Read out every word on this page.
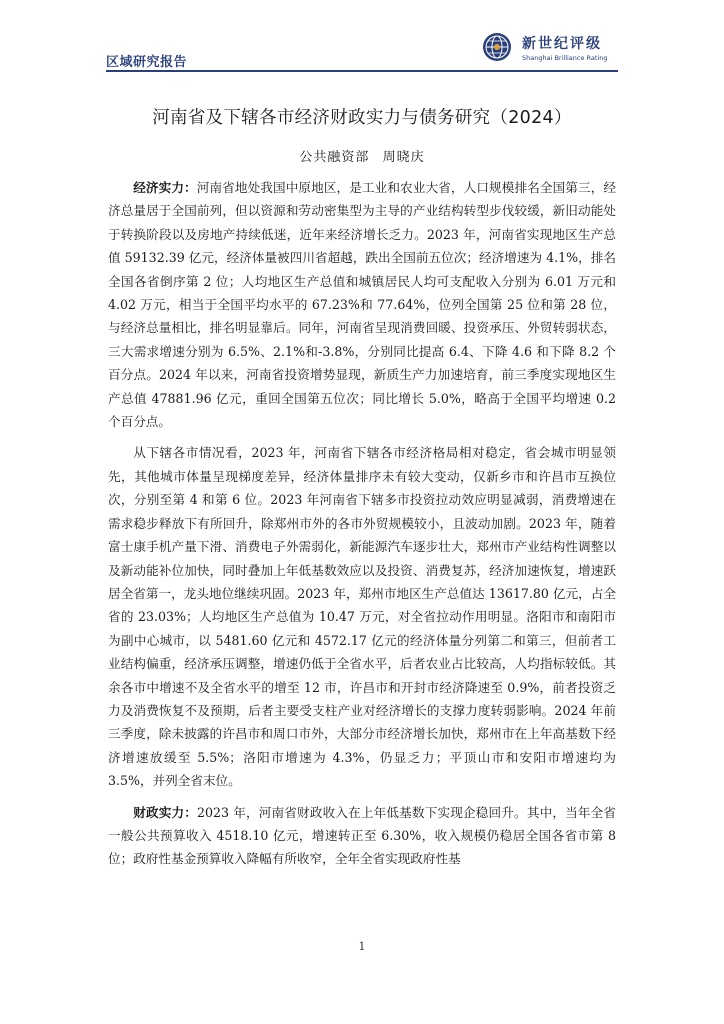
区域研究报告
新世纪评级
Shanghai Brilliance Rating
河南省及下辖各市经济财政实力与债务研究（2024）
公共融资部 周晓庆

经济实力：河南省地处我国中原地区，是工业和农业大省，人口规模排名全国第三，经济总量居于全国前列，但以资源和劳动密集型为主导的产业结构转型步伐较缓，新旧动能处于转换阶段以及房地产持续低迷，近年来经济增长乏力。2023 年，河南省实现地区生产总值 59132.39 亿元，经济体量被四川省超越，跌出全国前五位次；经济增速为 4.1%，排名全国各省倒序第 2 位；人均地区生产总值和城镇居民人均可支配收入分别为 6.01 万元和 4.02 万元，相当于全国平均水平的 67.23%和 77.64%，位列全国第 25 位和第 28 位，与经济总量相比，排名明显靠后。同年，河南省呈现消费回暖、投资承压、外贸转弱状态，三大需求增速分别为 6.5%、2.1%和-3.8%，分别同比提高 6.4、下降 4.6 和下降 8.2 个百分点。2024 年以来，河南省投资增势显现，新质生产力加速培育，前三季度实现地区生产总值 47881.96 亿元，重回全国第五位次；同比增长 5.0%，略高于全国平均增速 0.2 个百分点。

从下辖各市情况看，2023 年，河南省下辖各市经济格局相对稳定，省会城市明显领先，其他城市体量呈现梯度差异，经济体量排序未有较大变动，仅新乡市和许昌市互换位次，分别至第 4 和第 6 位。2023 年河南省下辖多市投资拉动效应明显减弱，消费增速在需求稳步释放下有所回升，除郑州市外的各市外贸规模较小，且波动加剧。2023 年，随着富士康手机产量下滑、消费电子外需弱化，新能源汽车逐步壮大，郑州市产业结构性调整以及新动能补位加快，同时叠加上年低基数效应以及投资、消费复苏，经济加速恢复，增速跃居全省第一，龙头地位继续巩固。2023 年，郑州市地区生产总值达 13617.80 亿元，占全省的 23.03%；人均地区生产总值为 10.47 万元，对全省拉动作用明显。洛阳市和南阳市为副中心城市，以 5481.60 亿元和 4572.17 亿元的经济体量分列第二和第三，但前者工业结构偏重，经济承压调整，增速仍低于全省水平，后者农业占比较高，人均指标较低。其余各市中增速不及全省水平的增至 12 市，许昌市和开封市经济降速至 0.9%，前者投资乏力及消费恢复不及预期，后者主要受支柱产业对经济增长的支撑力度转弱影响。2024 年前三季度，除未披露的许昌市和周口市外，大部分市经济增长加快，郑州市在上年高基数下经济增速放缓至 5.5%；洛阳市增速为 4.3%，仍显乏力；平顶山市和安阳市增速均为 3.5%，并列全省末位。

财政实力：2023 年，河南省财政收入在上年低基数下实现企稳回升。其中，当年全省一般公共预算收入 4518.10 亿元，增速转正至 6.30%，收入规模仍稳居全国各省市第 8 位；政府性基金预算收入降幅有所收窄，全年全省实现政府性基

1
